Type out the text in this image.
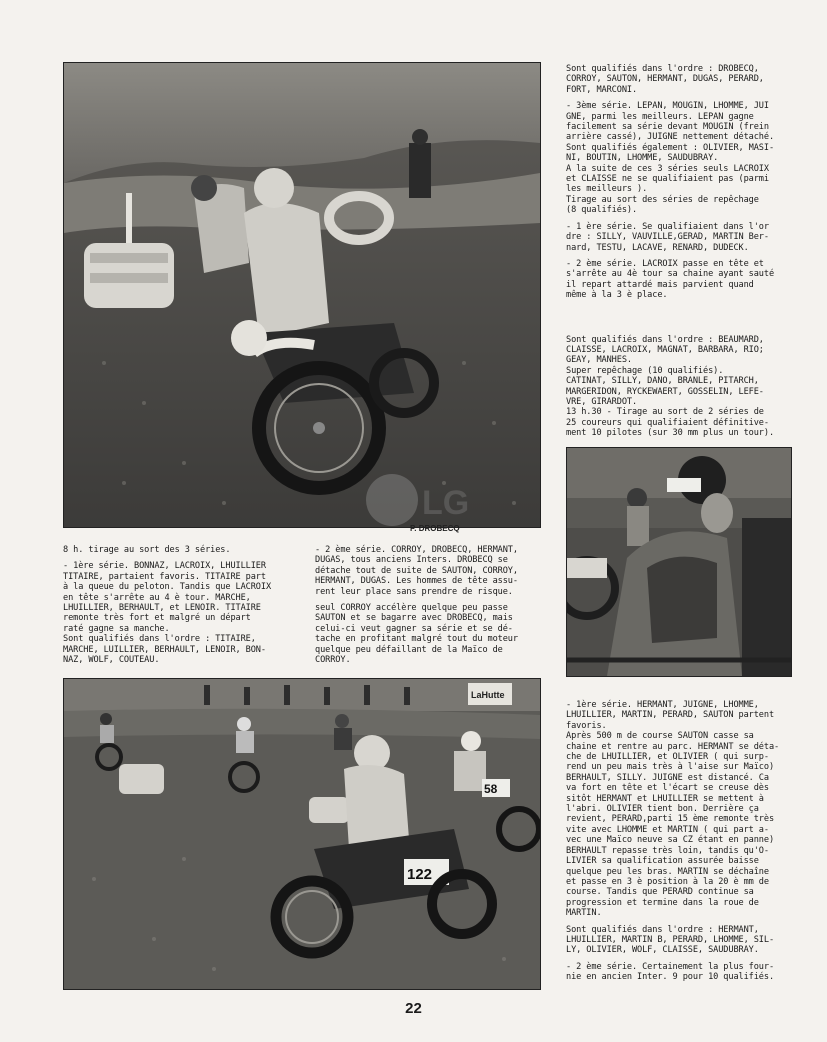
LG
P. DROBECQ

Sont qualifiés dans l'ordre : DROBECQ,
CORROY, SAUTON, HERMANT, DUGAS, PERARD,
FORT, MARCONI.

- 3ème série. LEPAN, MOUGIN, LHOMME, JUI
GNE, parmi les meilleurs. LEPAN gagne
facilement sa série devant MOUGIN (frein
arrière cassé), JUIGNE nettement détaché.
Sont qualifiés également : OLIVIER, MASI-
NI, BOUTIN, LHOMME, SAUDUBRAY.
A la suite de ces 3 séries seuls LACROIX
et CLAISSE ne se qualifiaient pas (parmi
les meilleurs ).
Tirage au sort des séries de repêchage
(8 qualifiés).

- 1 ère série. Se qualifiaient dans l'or
dre : SILLY, VAUVILLE,GERAD, MARTIN Ber-
nard, TESTU, LACAVE, RENARD, DUDECK.

- 2 ème série. LACROIX passe en tête et
s'arrête au 4è tour sa chaine ayant sauté
il repart attardé mais parvient quand
même à la 3 è place.

Sont qualifiés dans l'ordre : BEAUMARD,
CLAISSE, LACROIX, MAGNAT, BARBARA, RIO;
GEAY, MANHES.
Super repêchage (10 qualifiés).
CATINAT, SILLY, DANO, BRANLE, PITARCH,
MARGERIDON, RYCKEWAERT, GOSSELIN, LEFE-
VRE, GIRARDOT.
13 h.30 - Tirage au sort de 2 séries de
25 coureurs qui qualifiaient définitive-
ment 10 pilotes (sur 30 mm plus un tour).

8 h. tirage au sort des 3 séries.

- 1ère série. BONNAZ, LACROIX, LHUILLIER
TITAIRE, partaient favoris. TITAIRE part
à la queue du peloton. Tandis que LACROIX
en tête s'arrête au 4 è tour. MARCHE,
LHUILLIER, BERHAULT, et LENOIR. TITAIRE
remonte très fort et malgré un départ
raté gagne sa manche.
Sont qualifiés dans l'ordre : TITAIRE,
MARCHE, LUILLIER, BERHAULT, LENOIR, BON-
NAZ, WOLF, COUTEAU.

- 2 ème série. CORROY, DROBECQ, HERMANT,
DUGAS, tous anciens Inters. DROBECQ se
détache tout de suite de SAUTON, CORROY,
HERMANT, DUGAS. Les hommes de tête assu-
rent leur place sans prendre de risque.

seul CORROY accélère quelque peu passe
SAUTON et se bagarre avec DROBECQ, mais
celui-ci veut gagner sa série et se dé-
tache en profitant malgré tout du moteur
quelque peu défaillant de la Maïco de
CORROY.

LaHutte
58
122

- 1ère série. HERMANT, JUIGNE, LHOMME,
LHUILLIER, MARTIN, PERARD, SAUTON partent
favoris.
Après 500 m de course SAUTON casse sa
chaine et rentre au parc. HERMANT se déta-
che de LHUILLIER, et OLIVIER ( qui surp-
rend un peu mais très à l'aise sur Maïco)
BERHAULT, SILLY. JUIGNE est distancé. Ca
va fort en tête et l'écart se creuse dès
sitôt HERMANT et LHUILLIER se mettent à
l'abri. OLIVIER tient bon. Derrière ça
revient, PERARD,parti 15 ème remonte très
vite avec LHOMME et MARTIN ( qui part a-
vec une Maïco neuve sa CZ étant en panne)
BERHAULT repasse très loin, tandis qu'O-
LIVIER sa qualification assurée baisse
quelque peu les bras. MARTIN se déchaîne
et passe en 3 è position à la 20 è mm de
course. Tandis que PERARD continue sa
progression et termine dans la roue de
MARTIN.

Sont qualifiés dans l'ordre : HERMANT,
LHUILLIER, MARTIN B, PERARD, LHOMME, SIL-
LY, OLIVIER, WOLF, CLAISSE, SAUDUBRAY.

- 2 ème série. Certainement la plus four-
nie en ancien Inter. 9 pour 10 qualifiés.

22
